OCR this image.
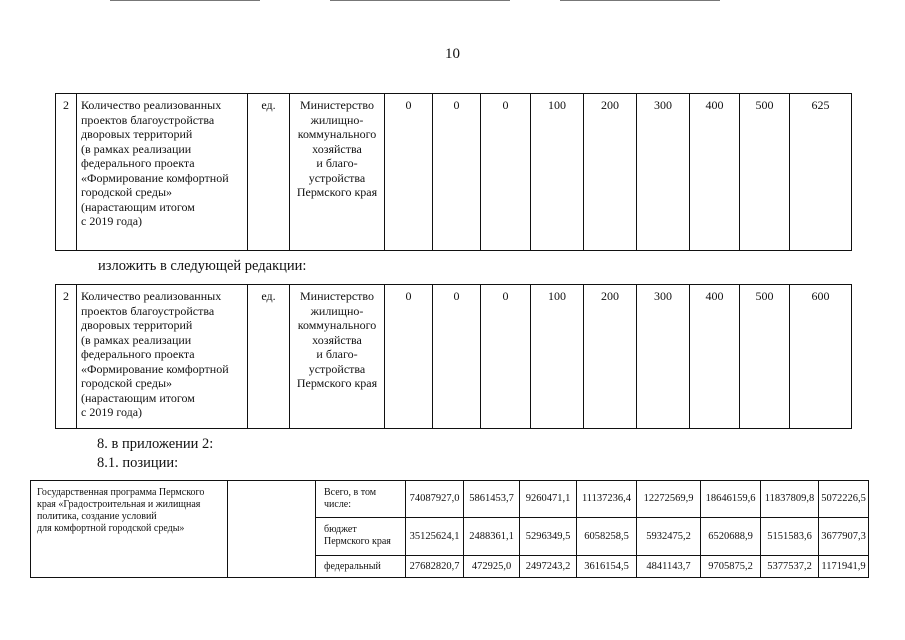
10
2	Количество реализованных
проектов благоустройства
дворовых территорий
(в рамках реализации
федерального проекта
«Формирование комфортной
городской среды»
(нарастающим итогом
с 2019 года)	ед.	Министерство
жилищно-
коммунального
хозяйства
и благо-
устройства
Пермского края	0	0	0	100	200	300	400	500	625
изложить в следующей редакции:
2	Количество реализованных
проектов благоустройства
дворовых территорий
(в рамках реализации
федерального проекта
«Формирование комфортной
городской среды»
(нарастающим итогом
с 2019 года)	ед.	Министерство
жилищно-
коммунального
хозяйства
и благо-
устройства
Пермского края	0	0	0	100	200	300	400	500	600
8. в приложении 2:
8.1. позиции:
Государственная программа Пермского
края «Градостроительная и жилищная
политика, создание условий
для комфортной городской среды»		Всего, в том числе:	74087927,0	5861453,7	9260471,1	11137236,4	12272569,9	18646159,6	11837809,8	5072226,5
		бюджет Пермского края	35125624,1	2488361,1	5296349,5	6058258,5	5932475,2	6520688,9	5151583,6	3677907,3
		федеральный	27682820,7	472925,0	2497243,2	3616154,5	4841143,7	9705875,2	5377537,2	1171941,9
